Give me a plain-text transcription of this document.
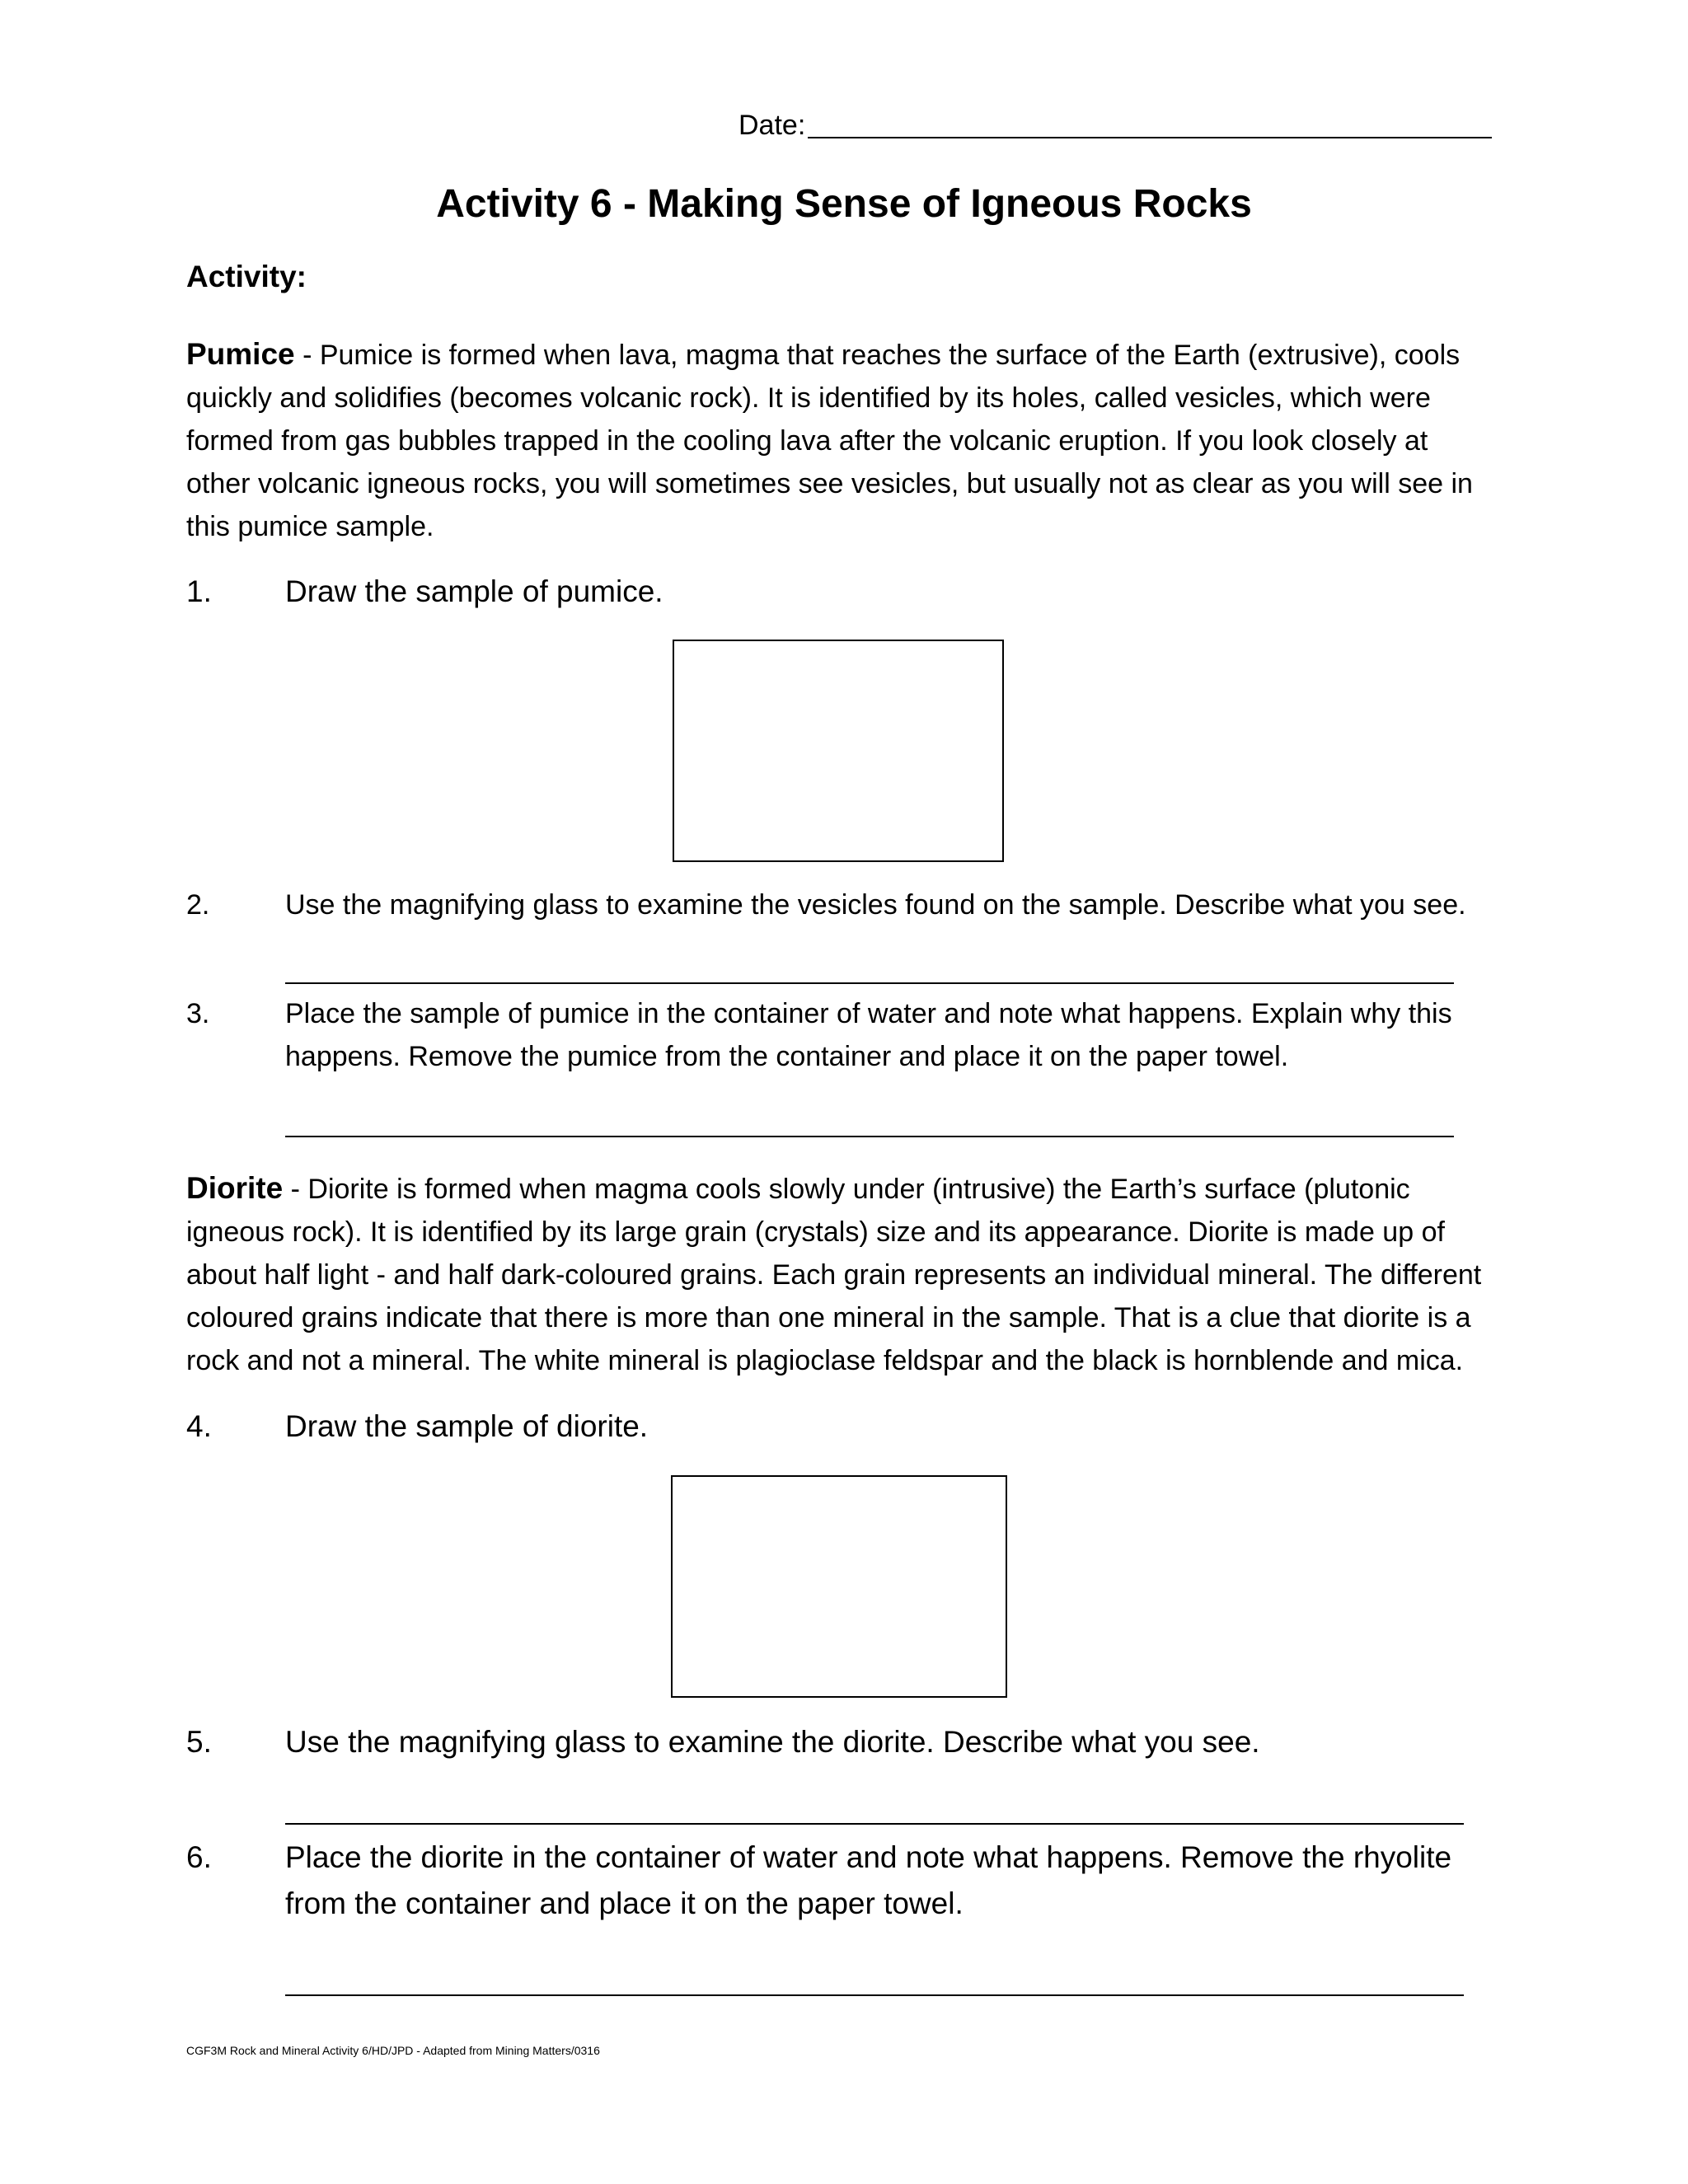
Date:
Activity 6 - Making Sense of Igneous Rocks
Activity:
Pumice - Pumice is formed when lava, magma that reaches the surface of the Earth (extrusive), cools
quickly and solidifies (becomes volcanic rock). It is identified by its holes, called vesicles, which were
formed from gas bubbles trapped in the cooling lava after the volcanic eruption. If you look closely at
other volcanic igneous rocks, you will sometimes see vesicles, but usually not as clear as you will see in
this pumice sample.
1. Draw the sample of pumice.
2.	Use the magnifying glass to examine the vesicles found on the sample. Describe what you see.
3.	Place the sample of pumice in the container of water and note what happens. Explain why this
happens. Remove the pumice from the container and place it on the paper towel.
Diorite - Diorite is formed when magma cools slowly under (intrusive) the Earth’s surface (plutonic
igneous rock). It is identified by its large grain (crystals) size and its appearance. Diorite is made up of
about half light - and half dark-coloured grains. Each grain represents an individual mineral. The different
coloured grains indicate that there is more than one mineral in the sample. That is a clue that diorite is a
rock and not a mineral. The white mineral is plagioclase feldspar and the black is hornblende and mica.
4. Draw the sample of diorite.
5. Use the magnifying glass to examine the diorite. Describe what you see.
6. Place the diorite in the container of water and note what happens. Remove the rhyolite
from the container and place it on the paper towel.
CGF3M Rock and Mineral Activity 6/HD/JPD - Adapted from Mining Matters/0316
